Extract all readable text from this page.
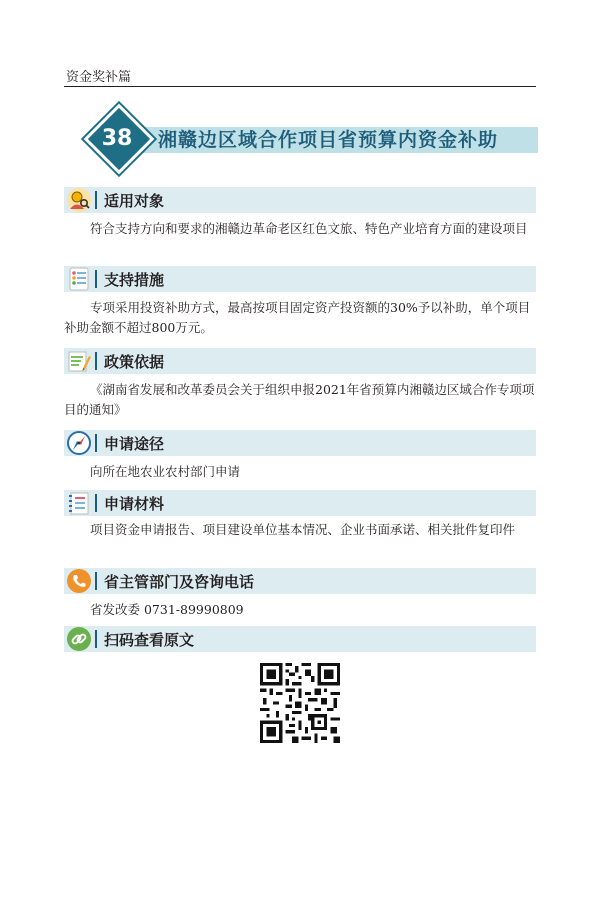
资金奖补篇
38	湘赣边区域合作项目省预算内资金补助
适用对象
符合支持方向和要求的湘赣边革命老区红色文旅、特色产业培育方面的建设项目
支持措施
专项采用投资补助方式，最高按项目固定资产投资额的30%予以补助，单个项目补助金额不超过800万元。
政策依据
《湖南省发展和改革委员会关于组织申报2021年省预算内湘赣边区域合作专项项目的通知》
申请途径
向所在地农业农村部门申请
申请材料
项目资金申请报告、项目建设单位基本情况、企业书面承诺、相关批件复印件
省主管部门及咨询电话
省发改委 0731-89990809
扫码查看原文
